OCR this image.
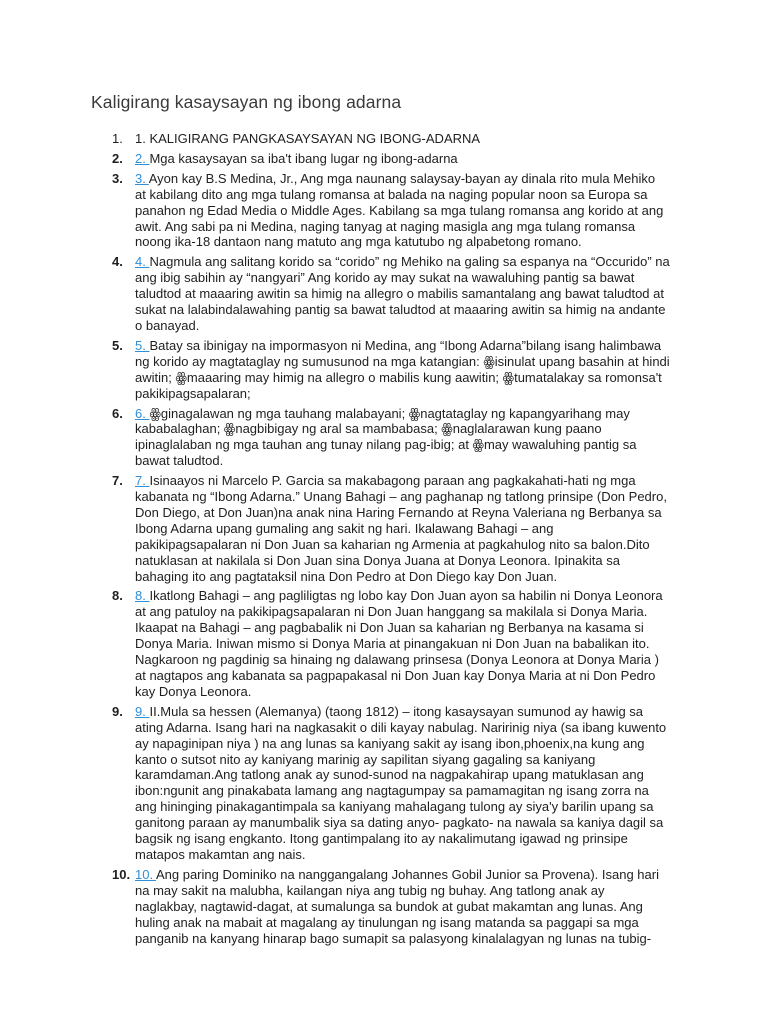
Kaligirang kasaysayan ng ibong adarna
1. 1. KALIGIRANG PANGKASAYSAYAN NG IBONG-ADARNA
2. 2. Mga kasaysayan sa iba't ibang lugar ng ibong-adarna
3. 3. Ayon kay B.S Medina, Jr., Ang mga naunang salaysay-bayan ay dinala rito mula Mehiko
at kabilang dito ang mga tulang romansa at balada na naging popular noon sa Europa sa
panahon ng Edad Media o Middle Ages. Kabilang sa mga tulang romansa ang korido at ang
awit. Ang sabi pa ni Medina, naging tanyag at naging masigla ang mga tulang romansa
noong ika-18 dantaon nang matuto ang mga katutubo ng alpabetong romano.
4. 4. Nagmula ang salitang korido sa “corido” ng Mehiko na galing sa espanya na “Occurido” na
ang ibig sabihin ay “nangyari” Ang korido ay may sukat na wawaluhing pantig sa bawat
taludtod at maaaring awitin sa himig na allegro o mabilis samantalang ang bawat taludtod at
sukat na lalabindalawahing pantig sa bawat taludtod at maaaring awitin sa himig na andante
o banayad.
5. 5. Batay sa ibinigay na impormasyon ni Medina, ang “Ibong Adarna”bilang isang halimbawa
ng korido ay magtataglay ng sumusunod na mga katangian: ꙮisinulat upang basahin at hindi
awitin; ꙮmaaaring may himig na allegro o mabilis kung aawitin; ꙮtumatalakay sa romonsa't
pakikipagsapalaran;
6. 6. ꙮginagalawan ng mga tauhang malabayani; ꙮnagtataglay ng kapangyarihang may
kababalaghan; ꙮnagbibigay ng aral sa mambabasa; ꙮnaglalarawan kung paano
ipinaglalaban ng mga tauhan ang tunay nilang pag-ibig; at ꙮmay wawaluhing pantig sa
bawat taludtod.
7. 7. Isinaayos ni Marcelo P. Garcia sa makabagong paraan ang pagkakahati-hati ng mga
kabanata ng “Ibong Adarna.” Unang Bahagi – ang paghanap ng tatlong prinsipe (Don Pedro,
Don Diego, at Don Juan)na anak nina Haring Fernando at Reyna Valeriana ng Berbanya sa
Ibong Adarna upang gumaling ang sakit ng hari. Ikalawang Bahagi – ang
pakikipagsapalaran ni Don Juan sa kaharian ng Armenia at pagkahulog nito sa balon.Dito
natuklasan at nakilala si Don Juan sina Donya Juana at Donya Leonora. Ipinakita sa
bahaging ito ang pagtataksil nina Don Pedro at Don Diego kay Don Juan.
8. 8. Ikatlong Bahagi – ang pagliligtas ng lobo kay Don Juan ayon sa habilin ni Donya Leonora
at ang patuloy na pakikipagsapalaran ni Don Juan hanggang sa makilala si Donya Maria.
Ikaapat na Bahagi – ang pagbabalik ni Don Juan sa kaharian ng Berbanya na kasama si
Donya Maria. Iniwan mismo si Donya Maria at pinangakuan ni Don Juan na babalikan ito.
Nagkaroon ng pagdinig sa hinaing ng dalawang prinsesa (Donya Leonora at Donya Maria )
at nagtapos ang kabanata sa pagpapakasal ni Don Juan kay Donya Maria at ni Don Pedro
kay Donya Leonora.
9. 9. II.Mula sa hessen (Alemanya) (taong 1812) – itong kasaysayan sumunod ay hawig sa
ating Adarna. Isang hari na nagkasakit o dili kayay nabulag. Naririnig niya (sa ibang kuwento
ay napaginipan niya ) na ang lunas sa kaniyang sakit ay isang ibon,phoenix,na kung ang
kanto o sutsot nito ay kaniyang marinig ay sapilitan siyang gagaling sa kaniyang
karamdaman.Ang tatlong anak ay sunod-sunod na nagpakahirap upang matuklasan ang
ibon:ngunit ang pinakabata lamang ang nagtagumpay sa pamamagitan ng isang zorra na
ang hininging pinakagantimpala sa kaniyang mahalagang tulong ay siya'y barilin upang sa
ganitong paraan ay manumbalik siya sa dating anyo- pagkato- na nawala sa kaniya dagil sa
bagsik ng isang engkanto. Itong gantimpalang ito ay nakalimutang igawad ng prinsipe
matapos makamtan ang nais.
10. 10. Ang paring Dominiko na nanggangalang Johannes Gobil Junior sa Provena). Isang hari
na may sakit na malubha, kailangan niya ang tubig ng buhay. Ang tatlong anak ay
naglakbay, nagtawid-dagat, at sumalunga sa bundok at gubat makamtan ang lunas. Ang
huling anak na mabait at magalang ay tinulungan ng isang matanda sa paggapi sa mga
panganib na kanyang hinarap bago sumapit sa palasyong kinalalagyan ng lunas na tubig-
